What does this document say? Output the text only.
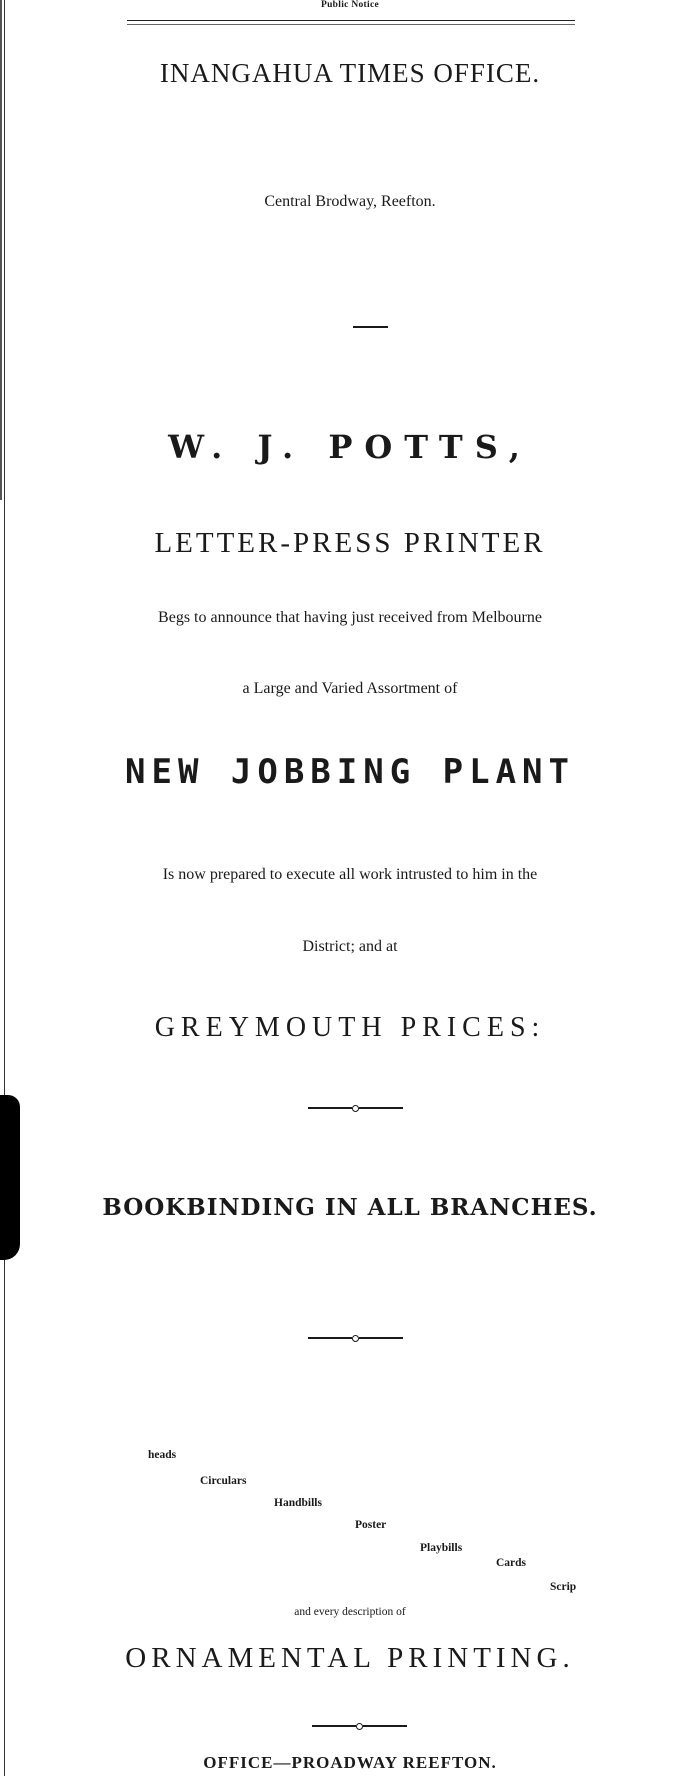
Public Notice
INANGAHUA TIMES OFFICE.
Central Brodway, Reefton.
W. J. POTTS,
LETTER-PRESS PRINTER
Begs to announce that having just received from Melbourne
a Large and Varied Assortment of
NEW JOBBING PLANT
Is now prepared to execute all work intrusted to him in the
District; and at
GREYMOUTH PRICES:
BOOKBINDING IN ALL BRANCHES.
heads
Circulars
Handbills
Poster
Playbills
Cards
Scrip
and every description of
ORNAMENTAL PRINTING.
OFFICE—PROADWAY REEFTON.
